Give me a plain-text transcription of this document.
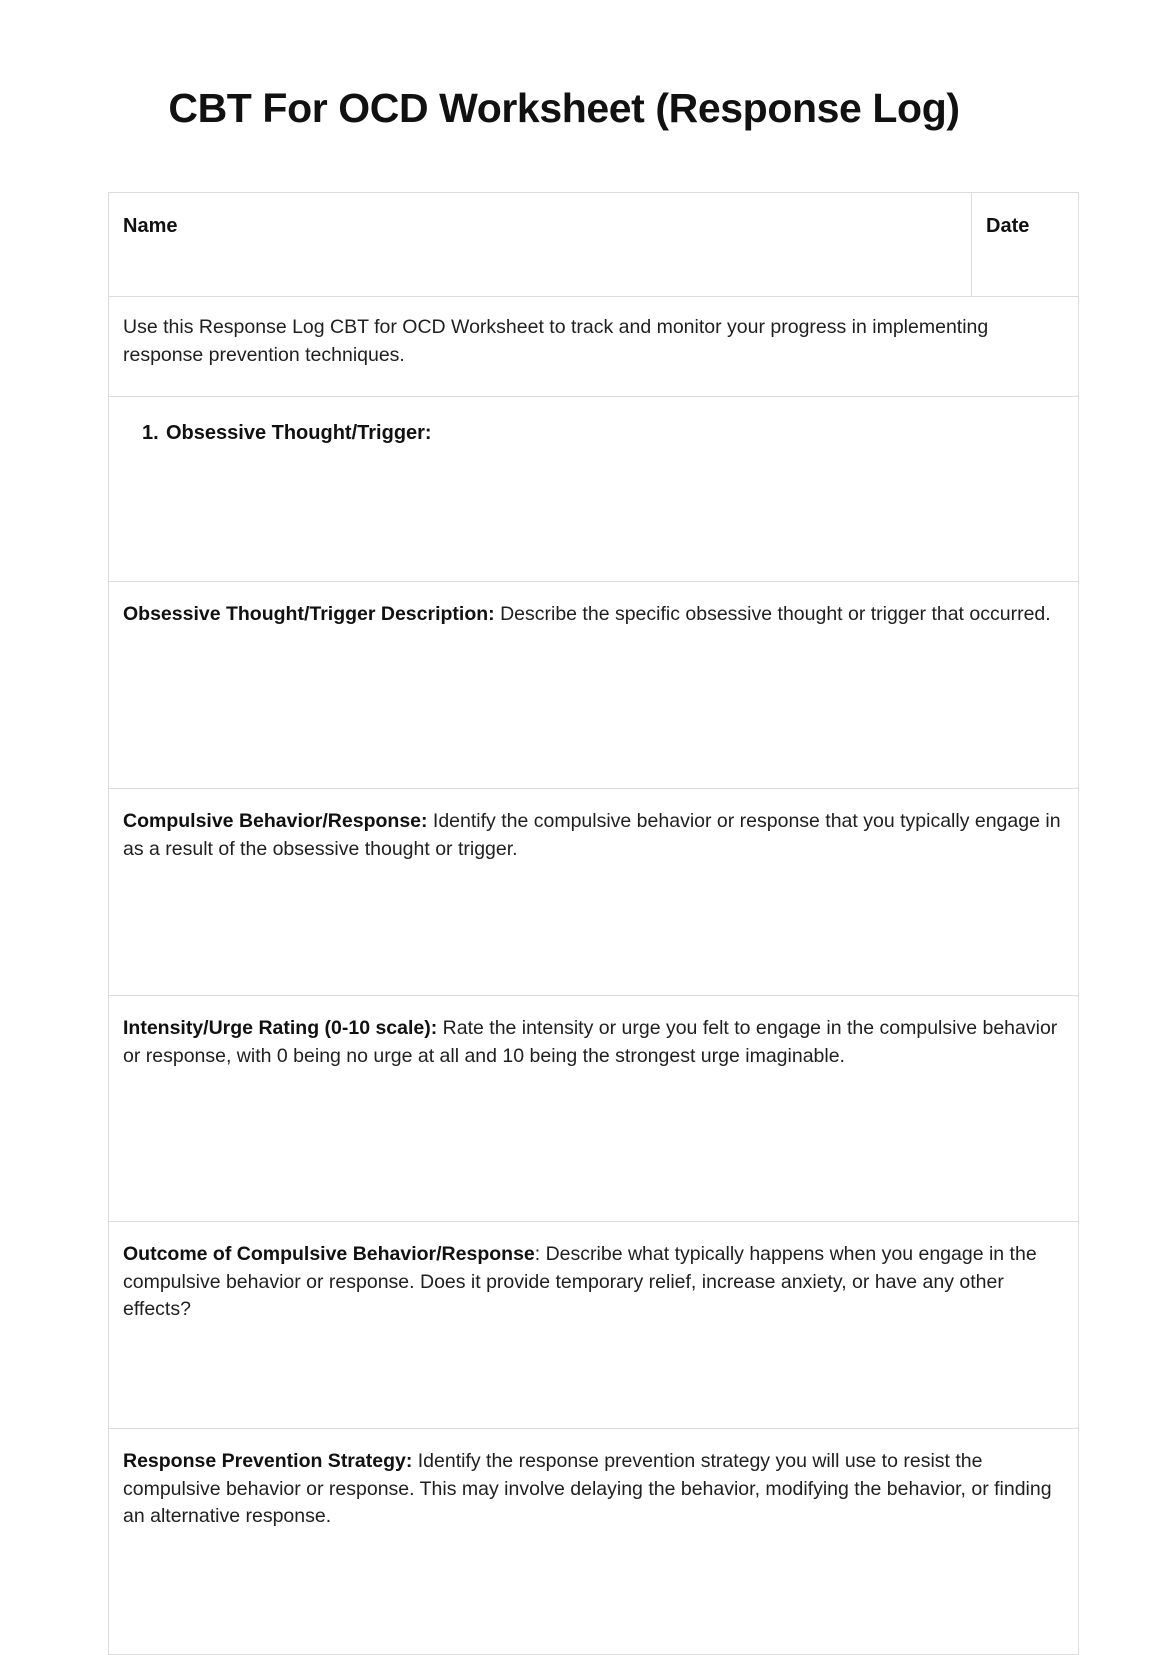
CBT For OCD Worksheet (Response Log)
Name	Date
Use this Response Log CBT for OCD Worksheet to track and monitor your progress in implementing response prevention techniques.

1. Obsessive Thought/Trigger:

Obsessive Thought/Trigger Description: Describe the specific obsessive thought or trigger that occurred.
Compulsive Behavior/Response: Identify the compulsive behavior or response that you typically engage in as a result of the obsessive thought or trigger.
Intensity/Urge Rating (0-10 scale): Rate the intensity or urge you felt to engage in the compulsive behavior or response, with 0 being no urge at all and 10 being the strongest urge imaginable.
Outcome of Compulsive Behavior/Response: Describe what typically happens when you engage in the compulsive behavior or response. Does it provide temporary relief, increase anxiety, or have any other effects?
Response Prevention Strategy: Identify the response prevention strategy you will use to resist the compulsive behavior or response. This may involve delaying the behavior, modifying the behavior, or finding an alternative response.
